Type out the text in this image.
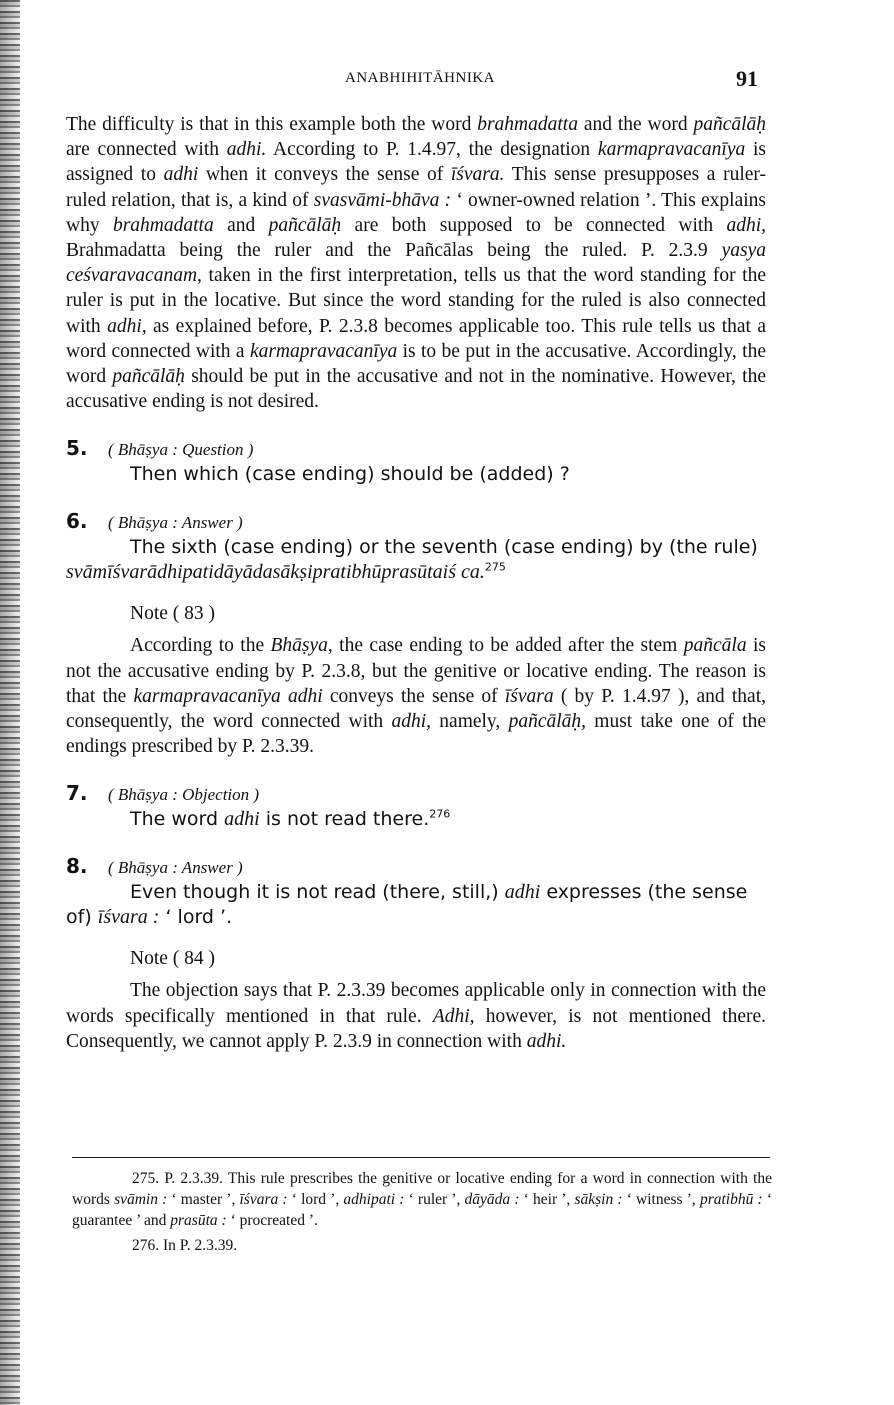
ANABHIHITĀHNIKA	91

The difficulty is that in this example both the word brahmadatta and the word pañcālāḥ are connected with adhi. According to P. 1.4.97, the designation karmapravacanīya is assigned to adhi when it conveys the sense of īśvara. This sense presupposes a ruler-ruled relation, that is, a kind of svasvāmi-bhāva : ‘ owner-owned relation ’. This explains why brahmadatta and pañcālāḥ are both supposed to be connected with adhi, Brahmadatta being the ruler and the Pañcālas being the ruled. P. 2.3.9 yasya ceśvaravacanam, taken in the first interpretation, tells us that the word standing for the ruler is put in the locative. But since the word standing for the ruled is also connected with adhi, as explained before, P. 2.3.8 becomes applicable too. This rule tells us that a word connected with a karmapravacanīya is to be put in the accusative. Accordingly, the word pañcālāḥ should be put in the accusative and not in the nominative. However, the accusative ending is not desired.

5.	( Bhāṣya : Question )

Then which (case ending) should be (added) ?

6.	( Bhāṣya : Answer )

The sixth (case ending) or the seventh (case ending) by (the rule) svāmīśvarādhipatidāyādasākṣipratibhūprasūtaiś ca.$^{275}$

Note ( 83 )

According to the Bhāṣya, the case ending to be added after the stem pañcāla is not the accusative ending by P. 2.3.8, but the genitive or locative ending. The reason is that the karmapravacanīya adhi conveys the sense of īśvara ( by P. 1.4.97 ), and that, consequently, the word connected with adhi, namely, pañcālāḥ, must take one of the endings prescribed by P. 2.3.39.

7.	( Bhāṣya : Objection )

The word adhi is not read there.$^{276}$

8.	( Bhāṣya : Answer )

Even though it is not read (there, still,) adhi expresses (the sense of) īśvara : ‘ lord ’.

Note ( 84 )

The objection says that P. 2.3.39 becomes applicable only in connection with the words specifically mentioned in that rule. Adhi, however, is not mentioned there. Consequently, we cannot apply P. 2.3.9 in connection with adhi.

275. P. 2.3.39. This rule prescribes the genitive or locative ending for a word in connection with the words svāmin : ‘ master ’, īśvara : ‘ lord ’, adhipati : ‘ ruler ’, dāyāda : ‘ heir ’, sākṣin : ‘ witness ’, pratibhū : ‘ guarantee ’ and prasūta : ‘ procreated ’.

276. In P. 2.3.39.
